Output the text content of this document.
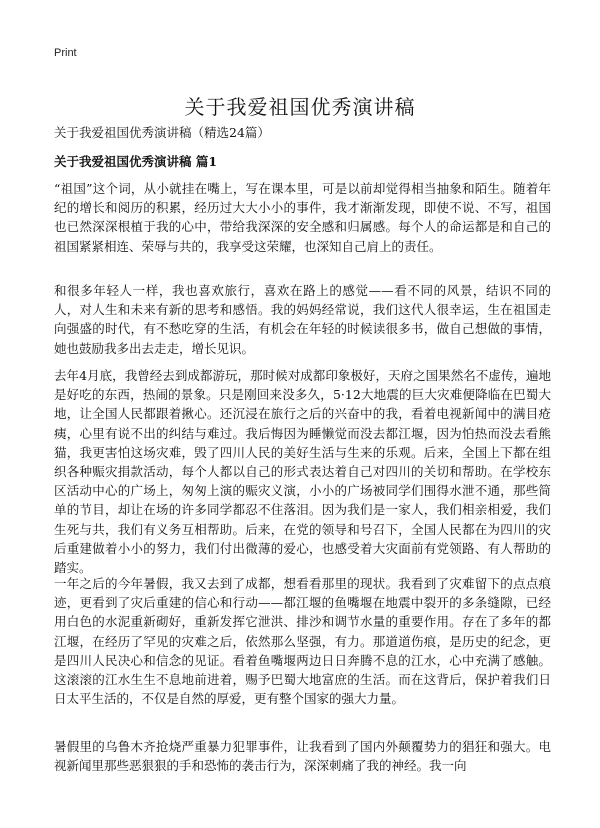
Print
关于我爱祖国优秀演讲稿
关于我爱祖国优秀演讲稿（精选24篇）
关于我爱祖国优秀演讲稿 篇1

“祖国”这个词，从小就挂在嘴上，写在课本里，可是以前却觉得相当抽象和陌生。随着年纪的增长和阅历的积累，经历过大大小小的事件，我才渐渐发现，即使不说、不写，祖国也已然深深根植于我的心中，带给我深深的安全感和归属感。每个人的命运都是和自己的祖国紧紧相连、荣辱与共的，我享受这荣耀，也深知自己肩上的责任。

和很多年轻人一样，我也喜欢旅行，喜欢在路上的感觉——看不同的风景，结识不同的人，对人生和未来有新的思考和感悟。我的妈妈经常说，我们这代人很幸运，生在祖国走向强盛的时代，有不愁吃穿的生活，有机会在年轻的时候读很多书，做自己想做的事情，她也鼓励我多出去走走，增长见识。

去年4月底，我曾经去到成都游玩，那时候对成都印象极好，天府之国果然名不虚传，遍地是好吃的东西，热闹的景象。只是刚回来没多久，5·12大地震的巨大灾难便降临在巴蜀大地，让全国人民都跟着揪心。还沉浸在旅行之后的兴奋中的我，看着电视新闻中的满目疮痍，心里有说不出的纠结与难过。我后悔因为睡懒觉而没去都江堰，因为怕热而没去看熊猫，我更害怕这场灾难，毁了四川人民的美好生活与生来的乐观。后来，全国上下都在组织各种赈灾捐款活动，每个人都以自己的形式表达着自己对四川的关切和帮助。在学校东区活动中心的广场上，匆匆上演的赈灾义演，小小的广场被同学们围得水泄不通，那些简单的节目，却让在场的许多同学都忍不住落泪。因为我们是一家人，我们相亲相爱，我们生死与共，我们有义务互相帮助。后来，在党的领导和号召下，全国人民都在为四川的灾后重建做着小小的努力，我们付出微薄的爱心，也感受着大灾面前有党领路、有人帮助的踏实。

一年之后的今年暑假，我又去到了成都，想看看那里的现状。我看到了灾难留下的点点痕迹，更看到了灾后重建的信心和行动——都江堰的鱼嘴堰在地震中裂开的多条缝隙，已经用白色的水泥重新砌好，重新发挥它泄洪、排沙和调节水量的重要作用。存在了多年的都江堰，在经历了罕见的灾难之后，依然那么坚强，有力。那道道伤痕，是历史的纪念，更是四川人民决心和信念的见证。看着鱼嘴堰两边日日奔腾不息的江水，心中充满了感触。这滚滚的江水生生不息地前进着，赐予巴蜀大地富庶的生活。而在这背后，保护着我们日日太平生活的，不仅是自然的厚爱，更有整个国家的强大力量。

暑假里的乌鲁木齐抢烧严重暴力犯罪事件，让我看到了国内外颠覆势力的猖狂和强大。电视新闻里那些恶狠狠的手和恐怖的袭击行为，深深刺痛了我的神经。我一向
